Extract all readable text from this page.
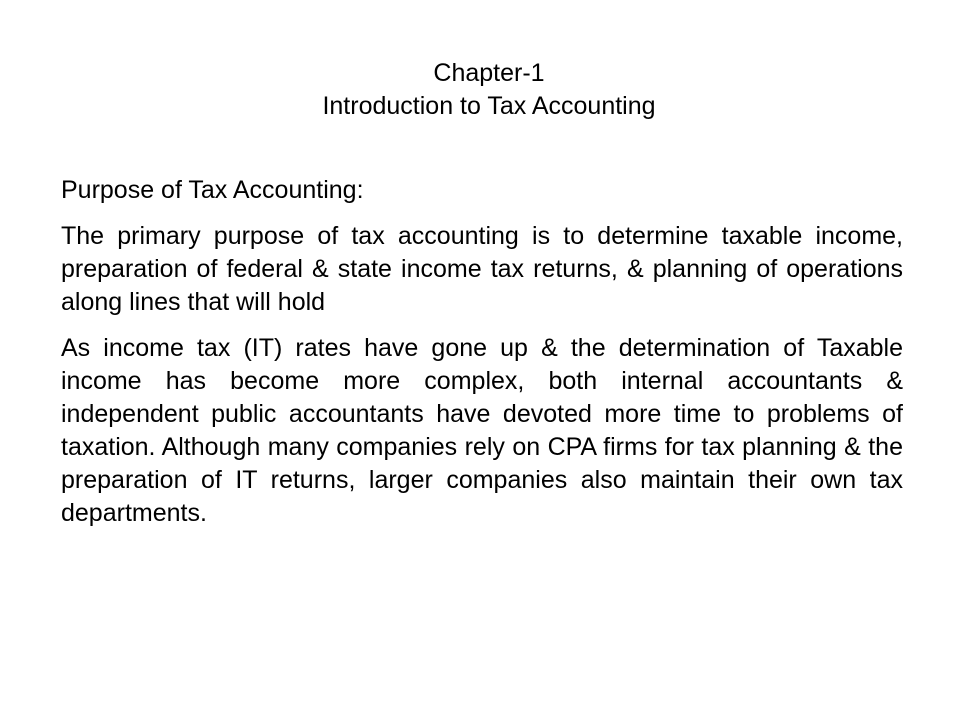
Chapter-1
Introduction to Tax Accounting

Purpose of Tax Accounting:

The primary purpose of tax accounting is to determine taxable income, preparation of federal & state income tax returns, & planning of operations along lines that will hold

As income tax (IT) rates have gone up & the determination of Taxable income has become more complex, both internal accountants & independent public accountants have devoted more time to problems of taxation. Although many companies rely on CPA firms for tax planning & the preparation of IT returns, larger companies also maintain their own tax departments.
